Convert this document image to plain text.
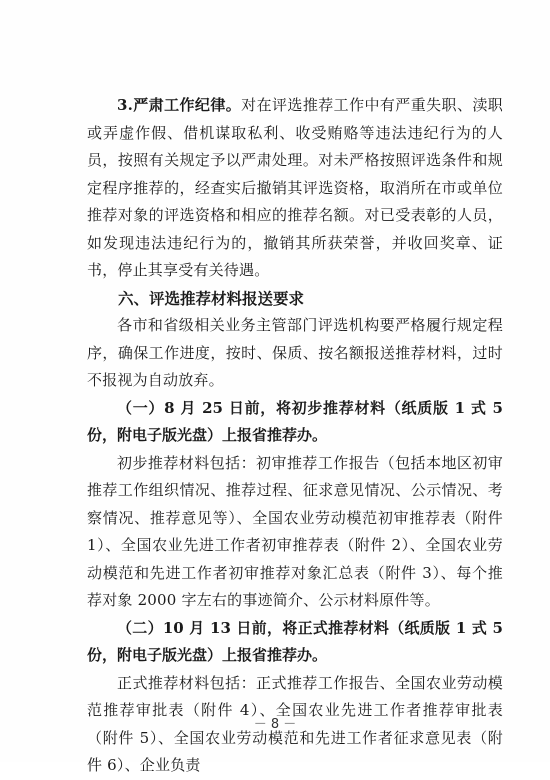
3.严肃工作纪律。对在评选推荐工作中有严重失职、渎职或弄虚作假、借机谋取私利、收受贿赂等违法违纪行为的人员，按照有关规定予以严肃处理。对未严格按照评选条件和规定程序推荐的，经查实后撤销其评选资格，取消所在市或单位推荐对象的评选资格和相应的推荐名额。对已受表彰的人员，如发现违法违纪行为的，撤销其所获荣誉，并收回奖章、证书，停止其享受有关待遇。

六、评选推荐材料报送要求

各市和省级相关业务主管部门评选机构要严格履行规定程序，确保工作进度，按时、保质、按名额报送推荐材料，过时不报视为自动放弃。

（一）8 月 25 日前，将初步推荐材料（纸质版 1 式 5 份，附电子版光盘）上报省推荐办。

初步推荐材料包括：初审推荐工作报告（包括本地区初审推荐工作组织情况、推荐过程、征求意见情况、公示情况、考察情况、推荐意见等）、全国农业劳动模范初审推荐表（附件 1）、全国农业先进工作者初审推荐表（附件 2）、全国农业劳动模范和先进工作者初审推荐对象汇总表（附件 3）、每个推荐对象 2000 字左右的事迹简介、公示材料原件等。

（二）10 月 13 日前，将正式推荐材料（纸质版 1 式 5 份，附电子版光盘）上报省推荐办。

正式推荐材料包括：正式推荐工作报告、全国农业劳动模范推荐审批表（附件 4）、全国农业先进工作者推荐审批表（附件 5）、全国农业劳动模范和先进工作者征求意见表（附件 6）、企业负责

－ 8 －
